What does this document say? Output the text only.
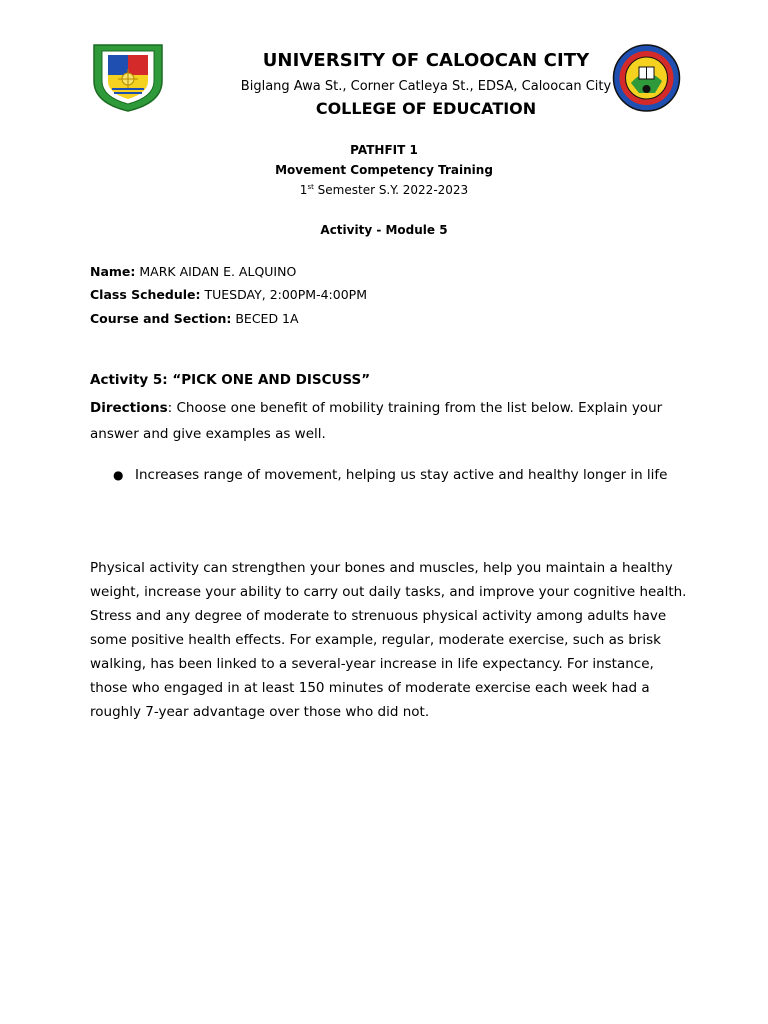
UNIVERSITY OF CALOOCAN CITY
Biglang Awa St., Corner Catleya St., EDSA, Caloocan City
COLLEGE OF EDUCATION
PATHFIT 1
Movement Competency Training
1st Semester S.Y. 2022-2023
Activity - Module 5
Name: MARK AIDAN E. ALQUINO
Class Schedule: TUESDAY, 2:00PM-4:00PM
Course and Section: BECED 1A
Activity 5: “PICK ONE AND DISCUSS”
Directions: Choose one benefit of mobility training from the list below. Explain your answer and give examples as well.
● Increases range of movement, helping us stay active and healthy longer in life
Physical activity can strengthen your bones and muscles, help you maintain a healthy weight, increase your ability to carry out daily tasks, and improve your cognitive health. Stress and any degree of moderate to strenuous physical activity among adults have some positive health effects. For example, regular, moderate exercise, such as brisk walking, has been linked to a several-year increase in life expectancy. For instance, those who engaged in at least 150 minutes of moderate exercise each week had a roughly 7-year advantage over those who did not.
